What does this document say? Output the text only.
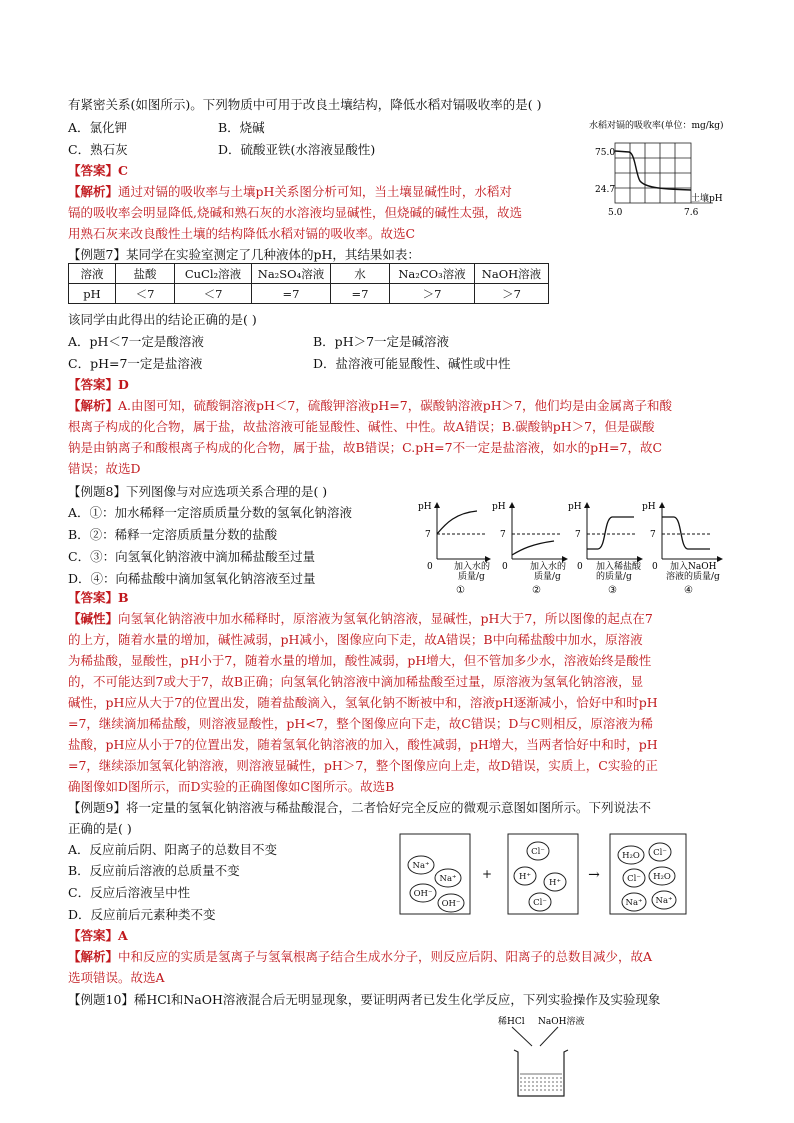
有紧密关系(如图所示)。下列物质中可用于改良土壤结构，降低水稻对镉吸收率的是( )
A．氯化钾	B．烧碱
C．熟石灰	D．硫酸亚铁(水溶液显酸性)
【答案】C
【解析】通过对镉的吸收率与土壤pH关系图分析可知，当土壤显碱性时，水稻对
镉的吸收率会明显降低,烧碱和熟石灰的水溶液均显碱性，但烧碱的碱性太强，故选
用熟石灰来改良酸性土壤的结构降低水稻对镉的吸收率。故选C
水稻对镉的吸收率(单位：mg/kg)
75.0
24.7
5.0	7.6
土壤pH
【例题7】某同学在实验室测定了几种液体的pH，其结果如表：
溶液	盐酸	CuCl₂溶液	Na₂SO₄溶液	水	Na₂CO₃溶液	NaOH溶液
pH	＜7	＜7	=7	=7	＞7	＞7
该同学由此得出的结论正确的是( )
A．pH＜7一定是酸溶液	B．pH＞7一定是碱溶液
C．pH=7一定是盐溶液	D．盐溶液可能显酸性、碱性或中性
【答案】D
【解析】A.由图可知，硫酸铜溶液pH＜7，硫酸钾溶液pH=7，碳酸钠溶液pH＞7，他们均是由金属离子和酸
根离子构成的化合物，属于盐，故盐溶液可能显酸性、碱性、中性。故A错误；B.碳酸钠pH＞7，但是碳酸
钠是由钠离子和酸根离子构成的化合物，属于盐，故B错误；C.pH=7不一定是盐溶液，如水的pH=7，故C
错误；故选D
【例题8】下列图像与对应选项关系合理的是( )
A．①：加水稀释一定溶质质量分数的氢氧化钠溶液
B．②：稀释一定溶质质量分数的盐酸
C．③：向氢氧化钠溶液中滴加稀盐酸至过量
D．④：向稀盐酸中滴加氢氧化钠溶液至过量
pH
7
0 加入水的
质量/g
①
pH
7
0 加入水的
质量/g
②
pH
7
0 加入稀盐酸
的质量/g
③
pH
7
0 加入NaOH
溶液的质量/g
④
【答案】B
【碱性】向氢氧化钠溶液中加水稀释时，原溶液为氢氧化钠溶液，显碱性，pH大于7，所以图像的起点在7
的上方，随着水量的增加，碱性减弱，pH减小，图像应向下走，故A错误；B中向稀盐酸中加水，原溶液
为稀盐酸，显酸性，pH小于7，随着水量的增加，酸性减弱，pH增大，但不管加多少水，溶液始终是酸性
的，不可能达到7或大于7，故B正确；向氢氧化钠溶液中滴加稀盐酸至过量，原溶液为氢氧化钠溶液，显
碱性，pH应从大于7的位置出发，随着盐酸滴入，氢氧化钠不断被中和，溶液pH逐渐减小，恰好中和时pH
=7，继续滴加稀盐酸，则溶液显酸性，pH<7，整个图像应向下走，故C错误；D与C则相反，原溶液为稀
盐酸，pH应从小于7的位置出发，随着氢氧化钠溶液的加入，酸性减弱，pH增大，当两者恰好中和时，pH
=7，继续添加氢氧化钠溶液，则溶液显碱性，pH＞7，整个图像应向上走，故D错误，实质上，C实验的正
确图像如D图所示，而D实验的正确图像如C图所示。故选B
【例题9】将一定量的氢氧化钠溶液与稀盐酸混合，二者恰好完全反应的微观示意图如图所示。下列说法不
正确的是( )
A．反应前后阴、阳离子的总数目不变
B．反应前后溶液的总质量不变
C．反应后溶液呈中性
D．反应前后元素种类不变
Na⁺
Na⁺
OH⁻
OH⁻
+	→
Cl⁻
H⁺
H⁺
Cl⁻
H₂O Cl⁻
Cl⁻ H₂O
Na⁺ Na⁺
【答案】A
【解析】中和反应的实质是氢离子与氢氧根离子结合生成水分子，则反应后阴、阳离子的总数目减少，故A
选项错误。故选A
【例题10】稀HCl和NaOH溶液混合后无明显现象，要证明两者已发生化学反应，下列实验操作及实验现象
稀HCl NaOH溶液
